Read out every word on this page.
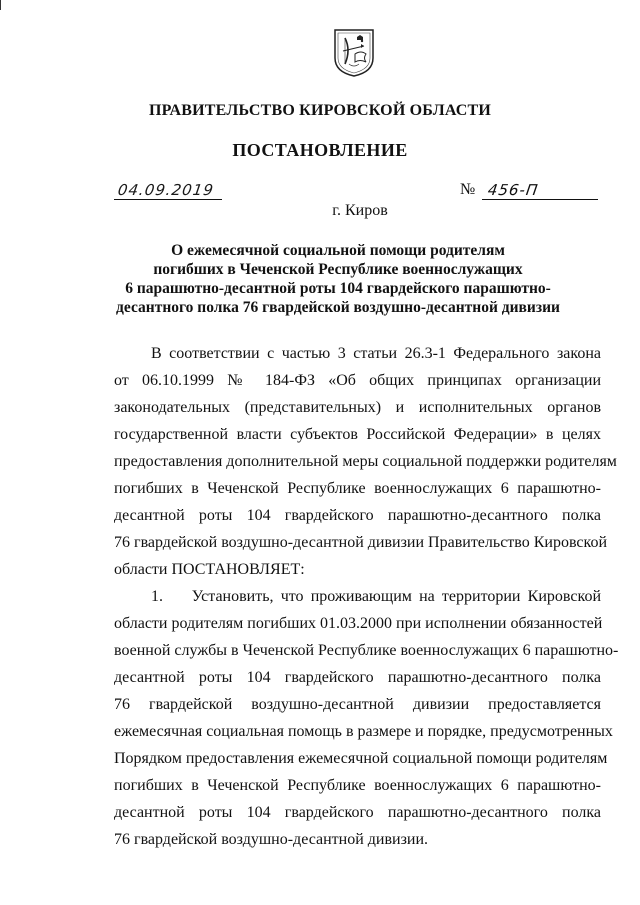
ПРАВИТЕЛЬСТВО КИРОВСКОЙ ОБЛАСТИ
ПОСТАНОВЛЕНИЕ
04.09.2019	№ 456-П
г. Киров
О ежемесячной социальной помощи родителям
погибших в Чеченской Республике военнослужащих
6 парашютно-десантной роты 104 гвардейского парашютно-
десантного полка 76 гвардейской воздушно-десантной дивизии

В соответствии с частью 3 статьи 26.3-1 Федерального закона

от 06.10.1999 № 184-ФЗ «Об общих принципах организации

законодательных (представительных) и исполнительных органов

государственной власти субъектов Российской Федерации» в целях

предоставления дополнительной меры социальной поддержки родителям

погибших в Чеченской Республике военнослужащих 6 парашютно-

десантной роты 104 гвардейского парашютно-десантного полка

76 гвардейской воздушно-десантной дивизии Правительство Кировской

области ПОСТАНОВЛЯЕТ:

1.    Установить, что проживающим на территории Кировской

области родителям погибших 01.03.2000 при исполнении обязанностей

военной службы в Чеченской Республике военнослужащих 6 парашютно-

десантной роты 104 гвардейского парашютно-десантного полка

76 гвардейской воздушно-десантной дивизии предоставляется

ежемесячная социальная помощь в размере и порядке, предусмотренных

Порядком предоставления ежемесячной социальной помощи родителям

погибших в Чеченской Республике военнослужащих 6 парашютно-

десантной роты 104 гвардейского парашютно-десантного полка

76 гвардейской воздушно-десантной дивизии.
